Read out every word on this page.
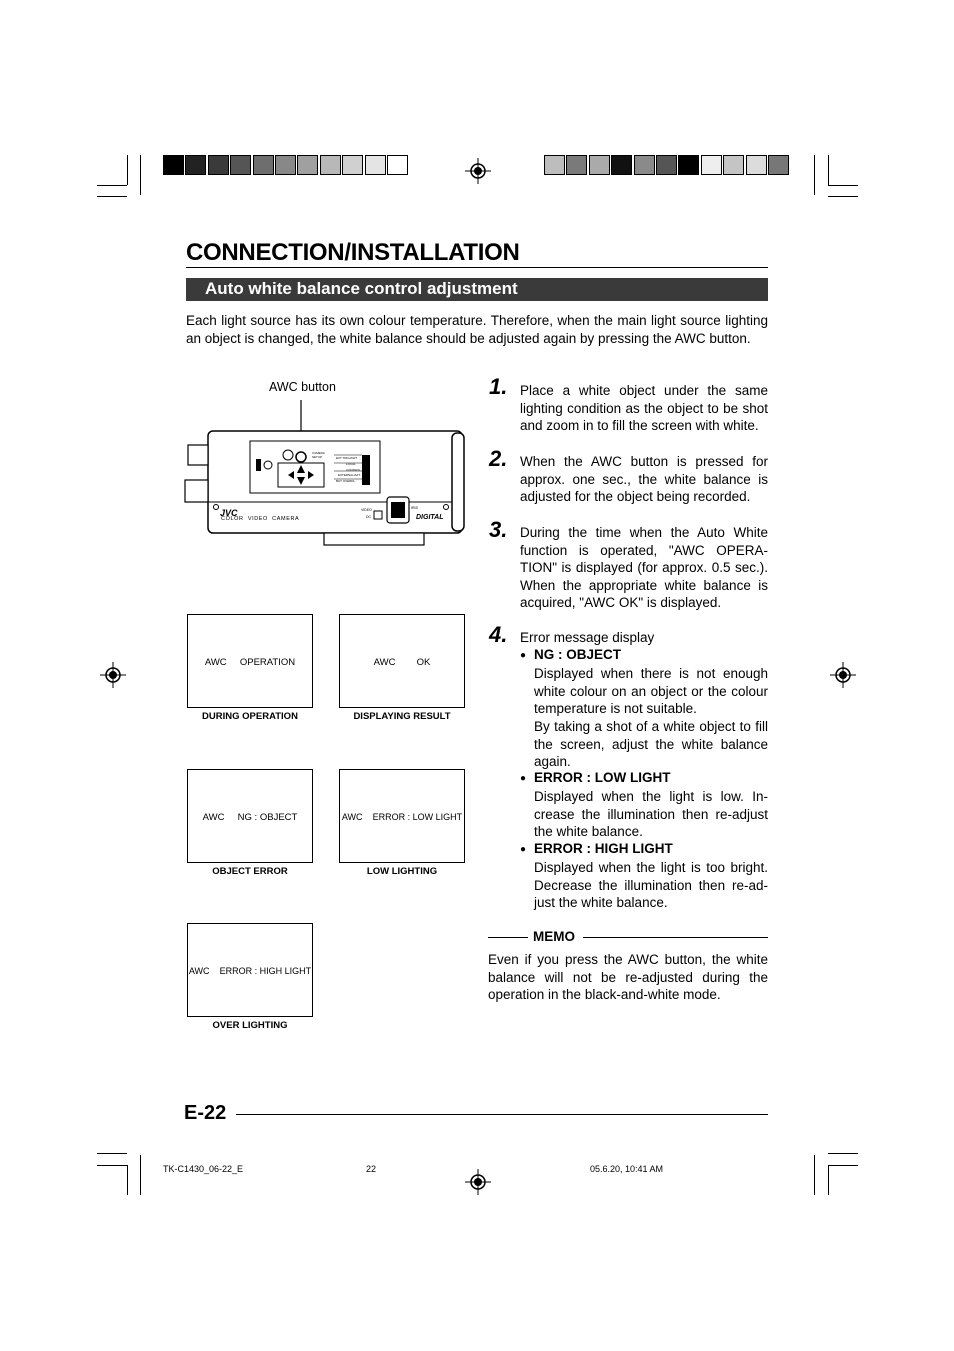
CONNECTION/INSTALLATION
Auto white balance control adjustment
Each light source has its own colour temperature. Therefore, when the main light source lighting an object is changed, the white balance should be adjusted again by pressing the AWC button.
AWC button
JVC
COLOR  VIDEO  CAMERA	DIGITAL
CAMERA SETUP	EXT TRIG/AWT
LOCAL
CONTROL
EXTERNAL/AFT
BUT OVERDL
VIDEO
DC
IRIS
AWC OPERATION
DURING OPERATION
AWC OK
DISPLAYING RESULT
AWC NG : OBJECT
OBJECT ERROR
AWC ERROR : LOW LIGHT
LOW LIGHTING
AWC ERROR : HIGH LIGHT
OVER LIGHTING
1. Place a white object under the same lighting condition as the object to be shot and zoom in to fill the screen with white.
2. When the AWC button is pressed for approx. one sec., the white balance is adjusted for the object being recorded.
3. During the time when the Auto White function is operated, "AWC OPERA-TION" is displayed (for approx. 0.5 sec.). When the appropriate white balance is acquired, "AWC OK" is displayed.
4. Error message display
● NG : OBJECT
Displayed when there is not enough white colour on an object or the colour temperature is not suitable.
By taking a shot of a white object to fill the screen, adjust the white balance again.
● ERROR : LOW LIGHT
Displayed when the light is low. In-crease the illumination then re-adjust the white balance.
● ERROR : HIGH LIGHT
Displayed when the light is too bright. Decrease the illumination then re-ad-just the white balance.
MEMO
Even if you press the AWC button, the white balance will not be re-adjusted during the operation in the black-and-white mode.
E-22
TK-C1430_06-22_E	22	05.6.20, 10:41 AM
